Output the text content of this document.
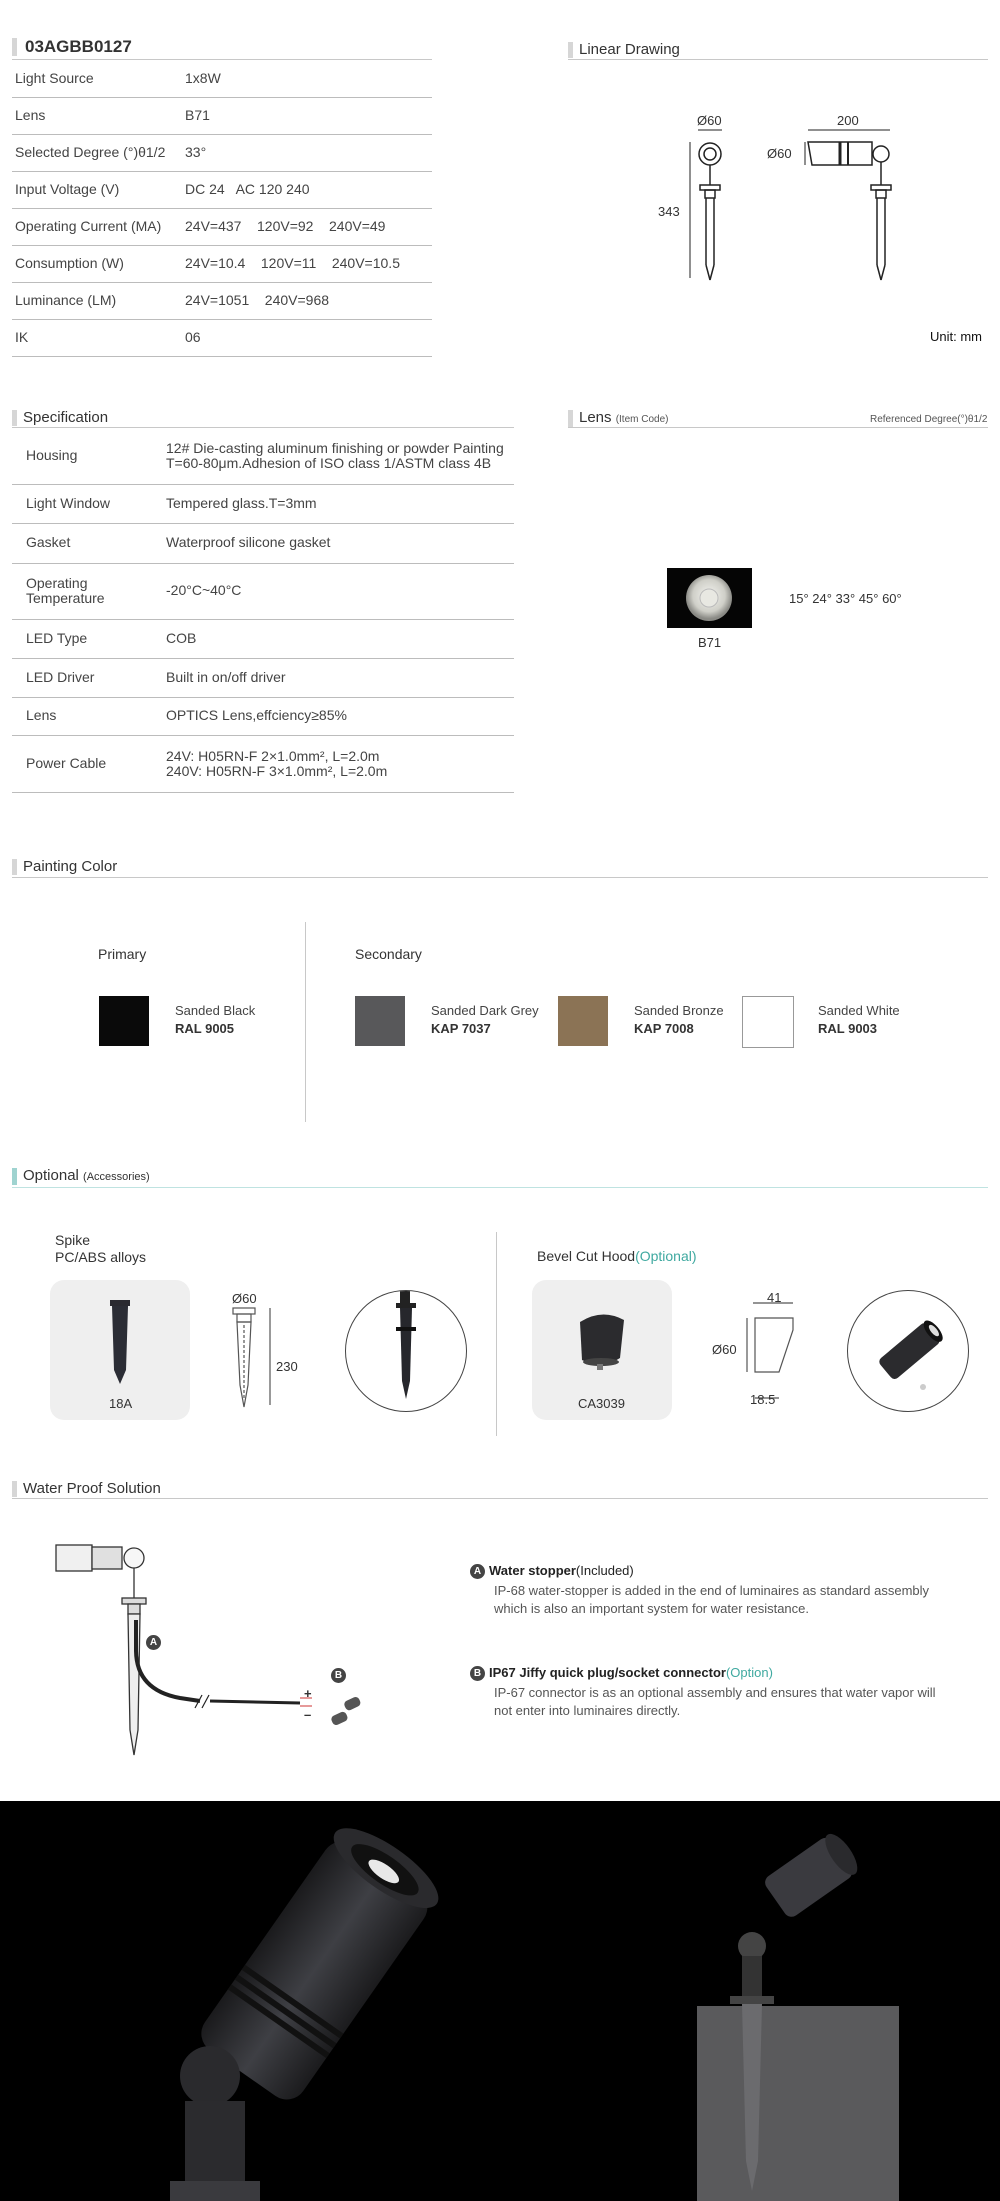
03AGBB0127
Light Source	1x8W
Lens	B71
Selected Degree (°)θ1/2 33°
Input Voltage (V)	DC 24   AC 120 240
Operating Current (MA) 24V=437    120V=92    240V=49
Consumption (W)	24V=10.4    120V=11    240V=10.5
Luminance (LM)	24V=1051    240V=968
IK	06
Linear Drawing
Ø60
343
200
Ø60
Unit: mm
Specification
Housing	12# Die-casting aluminum finishing or powder Painting
T=60-80μm.Adhesion of ISO class 1/ASTM class 4B
Light Window	Tempered glass.T=3mm
Gasket	Waterproof silicone gasket
Operating
Temperature	-20°C~40°C
LED Type	COB
LED Driver	Built in on/off driver
Lens	OPTICS Lens,effciency≥85%
Power Cable	24V: H05RN-F 2×1.0mm², L=2.0m
240V: H05RN-F 3×1.0mm², L=2.0m
Lens (Item Code)	Referenced Degree(°)θ1/2
B71
15° 24° 33° 45° 60°
Painting Color
Primary	Secondary
Sanded Black
RAL 9005
Sanded Dark Grey
KAP 7037
Sanded Bronze
KAP 7008
Sanded White
RAL 9003
Optional (Accessories)
Spike
PC/ABS alloys
18A
Ø60
230
Bevel Cut Hood(Optional)
CA3039
41
Ø60
18.5
Water Proof Solution
A
B
+
–
A Water stopper(Included)
IP-68 water-stopper is added in the end of luminaires as standard assembly which is also an important system for water resistance.
B IP67 Jiffy quick plug/socket connector(Option)
IP-67 connector is as an optional assembly and ensures that water vapor will not enter into luminaires directly.
